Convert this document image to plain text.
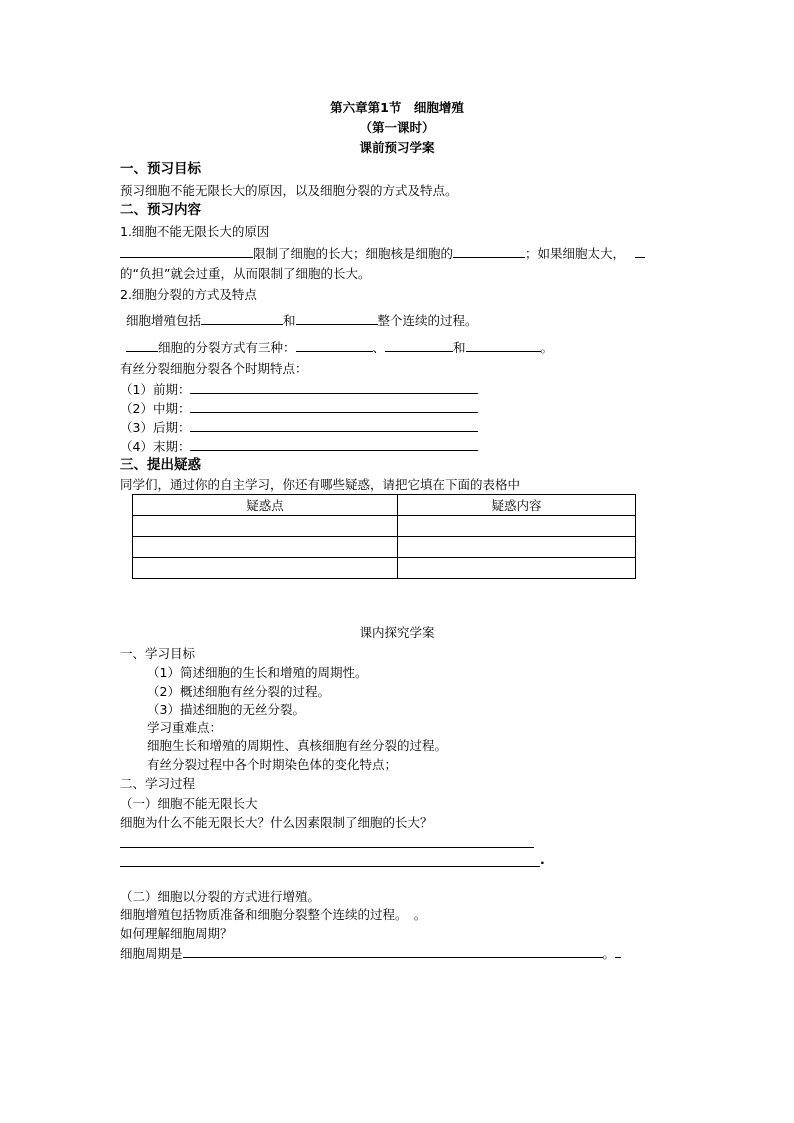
第六章第1节　细胞增殖
（第一课时）
课前预习学案
一、预习目标
预习细胞不能无限长大的原因，以及细胞分裂的方式及特点。
二、预习内容
1.细胞不能无限长大的原因
限制了细胞的长大；细胞核是细胞的	；如果细胞太大，
的“负担”就会过重，从而限制了细胞的长大。
2.细胞分裂的方式及特点
细胞增殖包括	和	整个连续的过程。
细胞的分裂方式有三种：	、	和	。
有丝分裂细胞分裂各个时期特点：
（1）前期：
（2）中期：
（3）后期：
（4）末期：
三、提出疑惑
同学们，通过你的自主学习，你还有哪些疑惑，请把它填在下面的表格中
疑惑点	疑惑内容

课内探究学案
一、学习目标
（1）简述细胞的生长和增殖的周期性。
（2）概述细胞有丝分裂的过程。
（3）描述细胞的无丝分裂。
学习重难点：
细胞生长和增殖的周期性、真核细胞有丝分裂的过程。
有丝分裂过程中各个时期染色体的变化特点；
二、学习过程
（一）细胞不能无限长大
细胞为什么不能无限长大？什么因素限制了细胞的长大？
.
（二）细胞以分裂的方式进行增殖。
细胞增殖包括物质准备和细胞分裂整个连续的过程。　。
如何理解细胞周期？
细胞周期是	。
